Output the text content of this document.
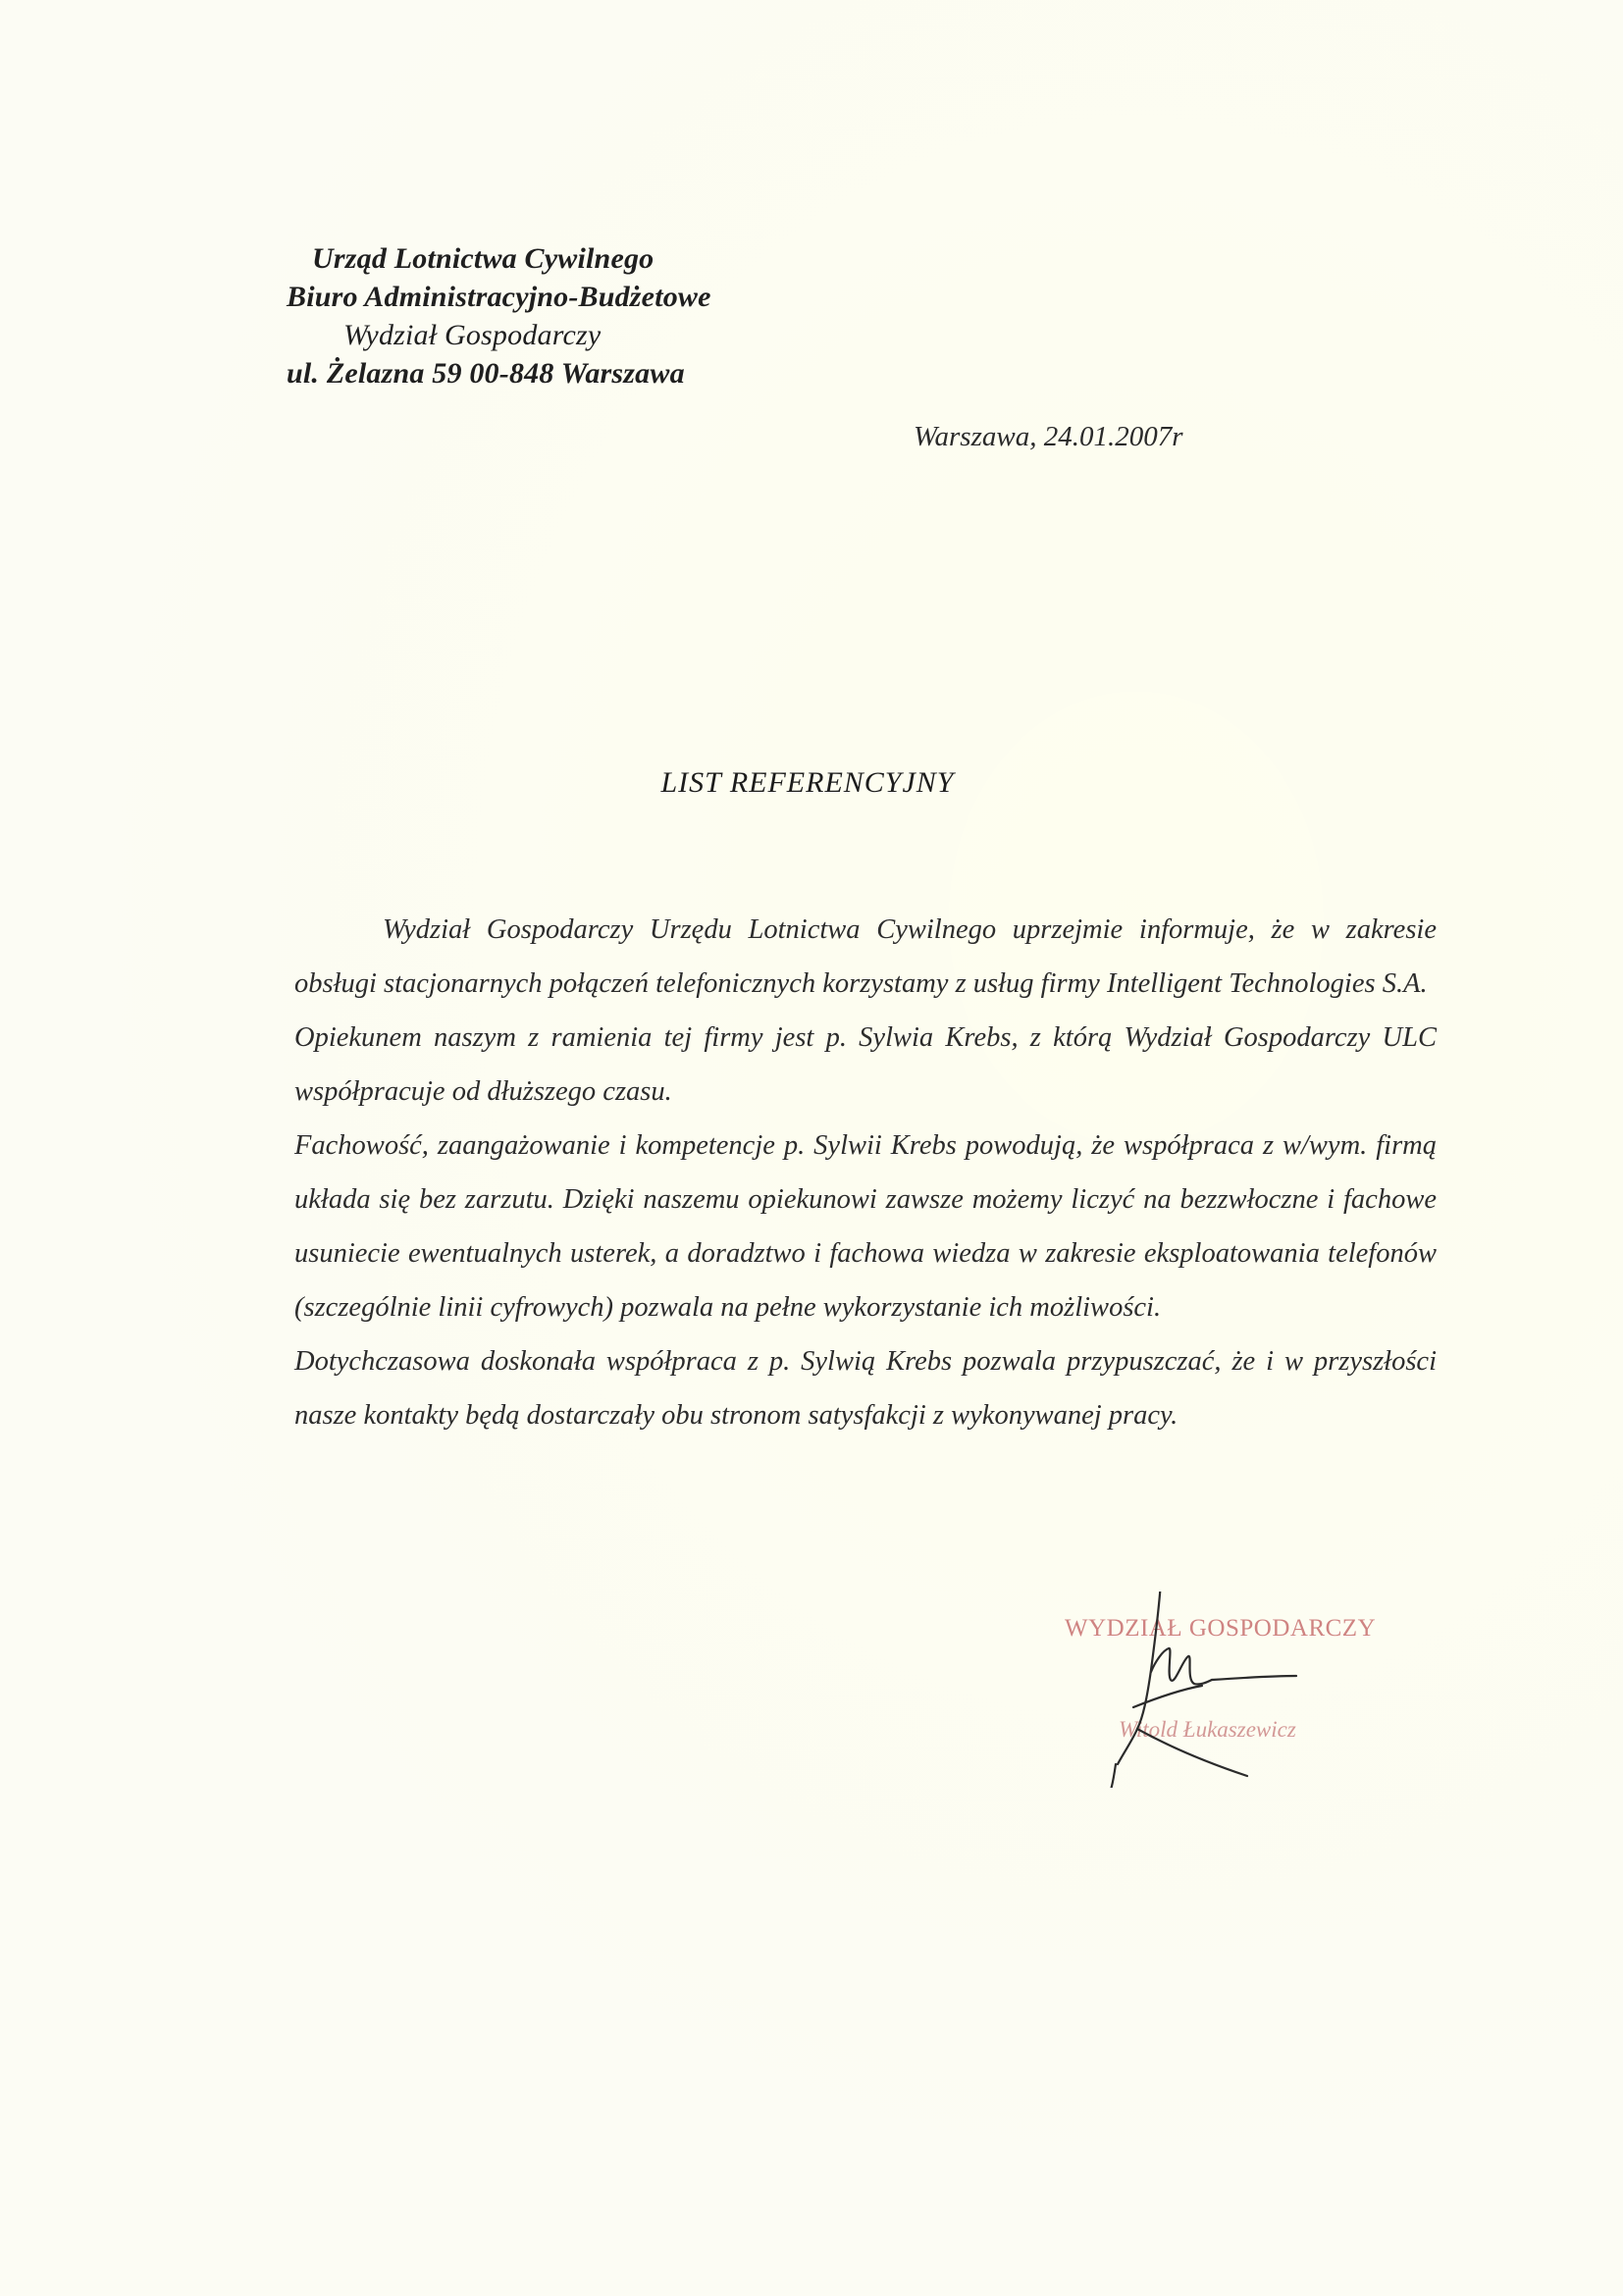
Urząd Lotnictwa Cywilnego
Biuro Administracyjno-Budżetowe
Wydział Gospodarczy
ul. Żelazna 59 00-848 Warszawa
Warszawa, 24.01.2007r
LIST REFERENCYJNY

Wydział Gospodarczy Urzędu Lotnictwa Cywilnego uprzejmie informuje, że w zakresie obsługi stacjonarnych połączeń telefonicznych korzystamy z usług firmy Intelligent Technologies S.A.

Opiekunem naszym z ramienia tej firmy jest p. Sylwia Krebs, z którą Wydział Gospodarczy ULC współpracuje od dłuższego czasu.

Fachowość, zaangażowanie i kompetencje p. Sylwii Krebs powodują, że współpraca z w/wym. firmą układa się bez zarzutu. Dzięki naszemu opiekunowi zawsze możemy liczyć na bezzwłoczne i fachowe usuniecie ewentualnych usterek, a doradztwo i fachowa wiedza w zakresie eksploatowania telefonów (szczególnie linii cyfrowych) pozwala na pełne wykorzystanie ich możliwości.

Dotychczasowa doskonała współpraca z p. Sylwią Krebs pozwala przypuszczać, że i w przyszłości nasze kontakty będą dostarczały obu stronom satysfakcji z wykonywanej pracy.

WYDZIAŁ GOSPODARCZY
Witold Łukaszewicz
